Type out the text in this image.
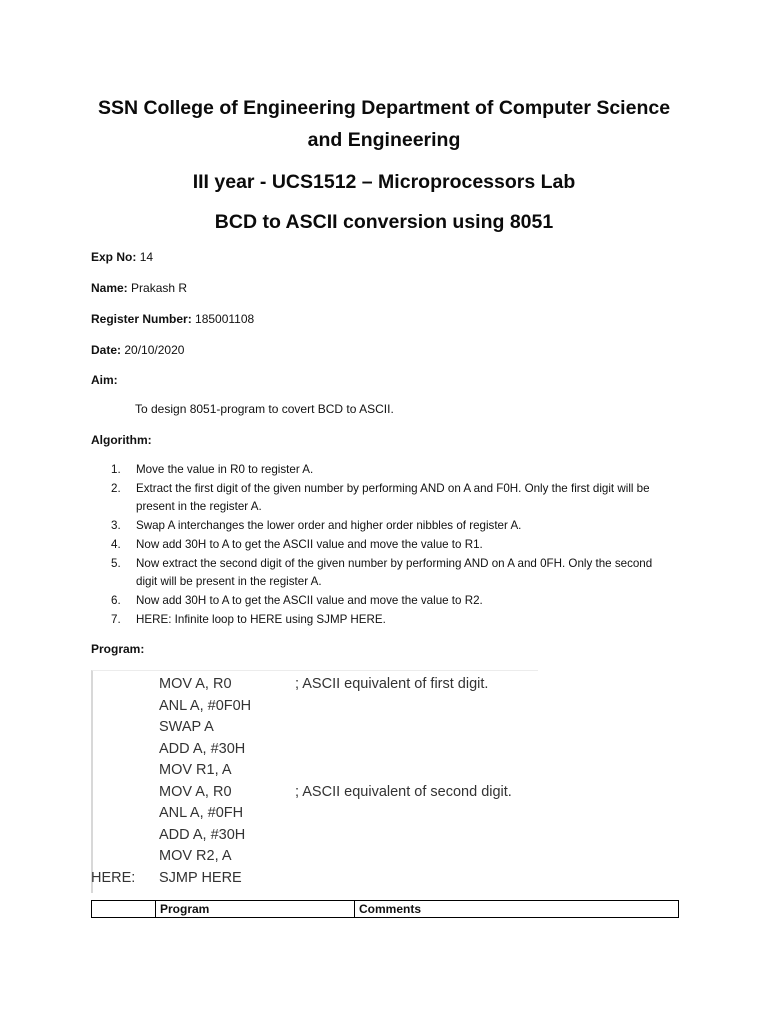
SSN College of Engineering Department of Computer Science
and Engineering
III year - UCS1512 – Microprocessors Lab
BCD to ASCII conversion using 8051
Exp No: 14
Name: Prakash R
Register Number: 185001108
Date: 20/10/2020
Aim:
To design 8051-program to covert BCD to ASCII.
Algorithm:
1.	Move the value in R0 to register A.
2.	Extract the first digit of the given number by performing AND on A and F0H. Only the first digit will be present in the register A.
3.	Swap A interchanges the lower order and higher order nibbles of register A.
4.	Now add 30H to A to get the ASCII value and move the value to R1.
5.	Now extract the second digit of the given number by performing AND on A and 0FH. Only the second digit will be present in the register A.
6.	Now add 30H to A to get the ASCII value and move the value to R2.
7.	HERE: Infinite loop to HERE using SJMP HERE.
Program:
MOV A, R0	; ASCII equivalent of first digit.
ANL A, #0F0H
SWAP A
ADD A, #30H
MOV R1, A
MOV A, R0	; ASCII equivalent of second digit.
ANL A, #0FH
ADD A, #30H
MOV R2, A
HERE:	SJMP HERE
	Program	Comments
